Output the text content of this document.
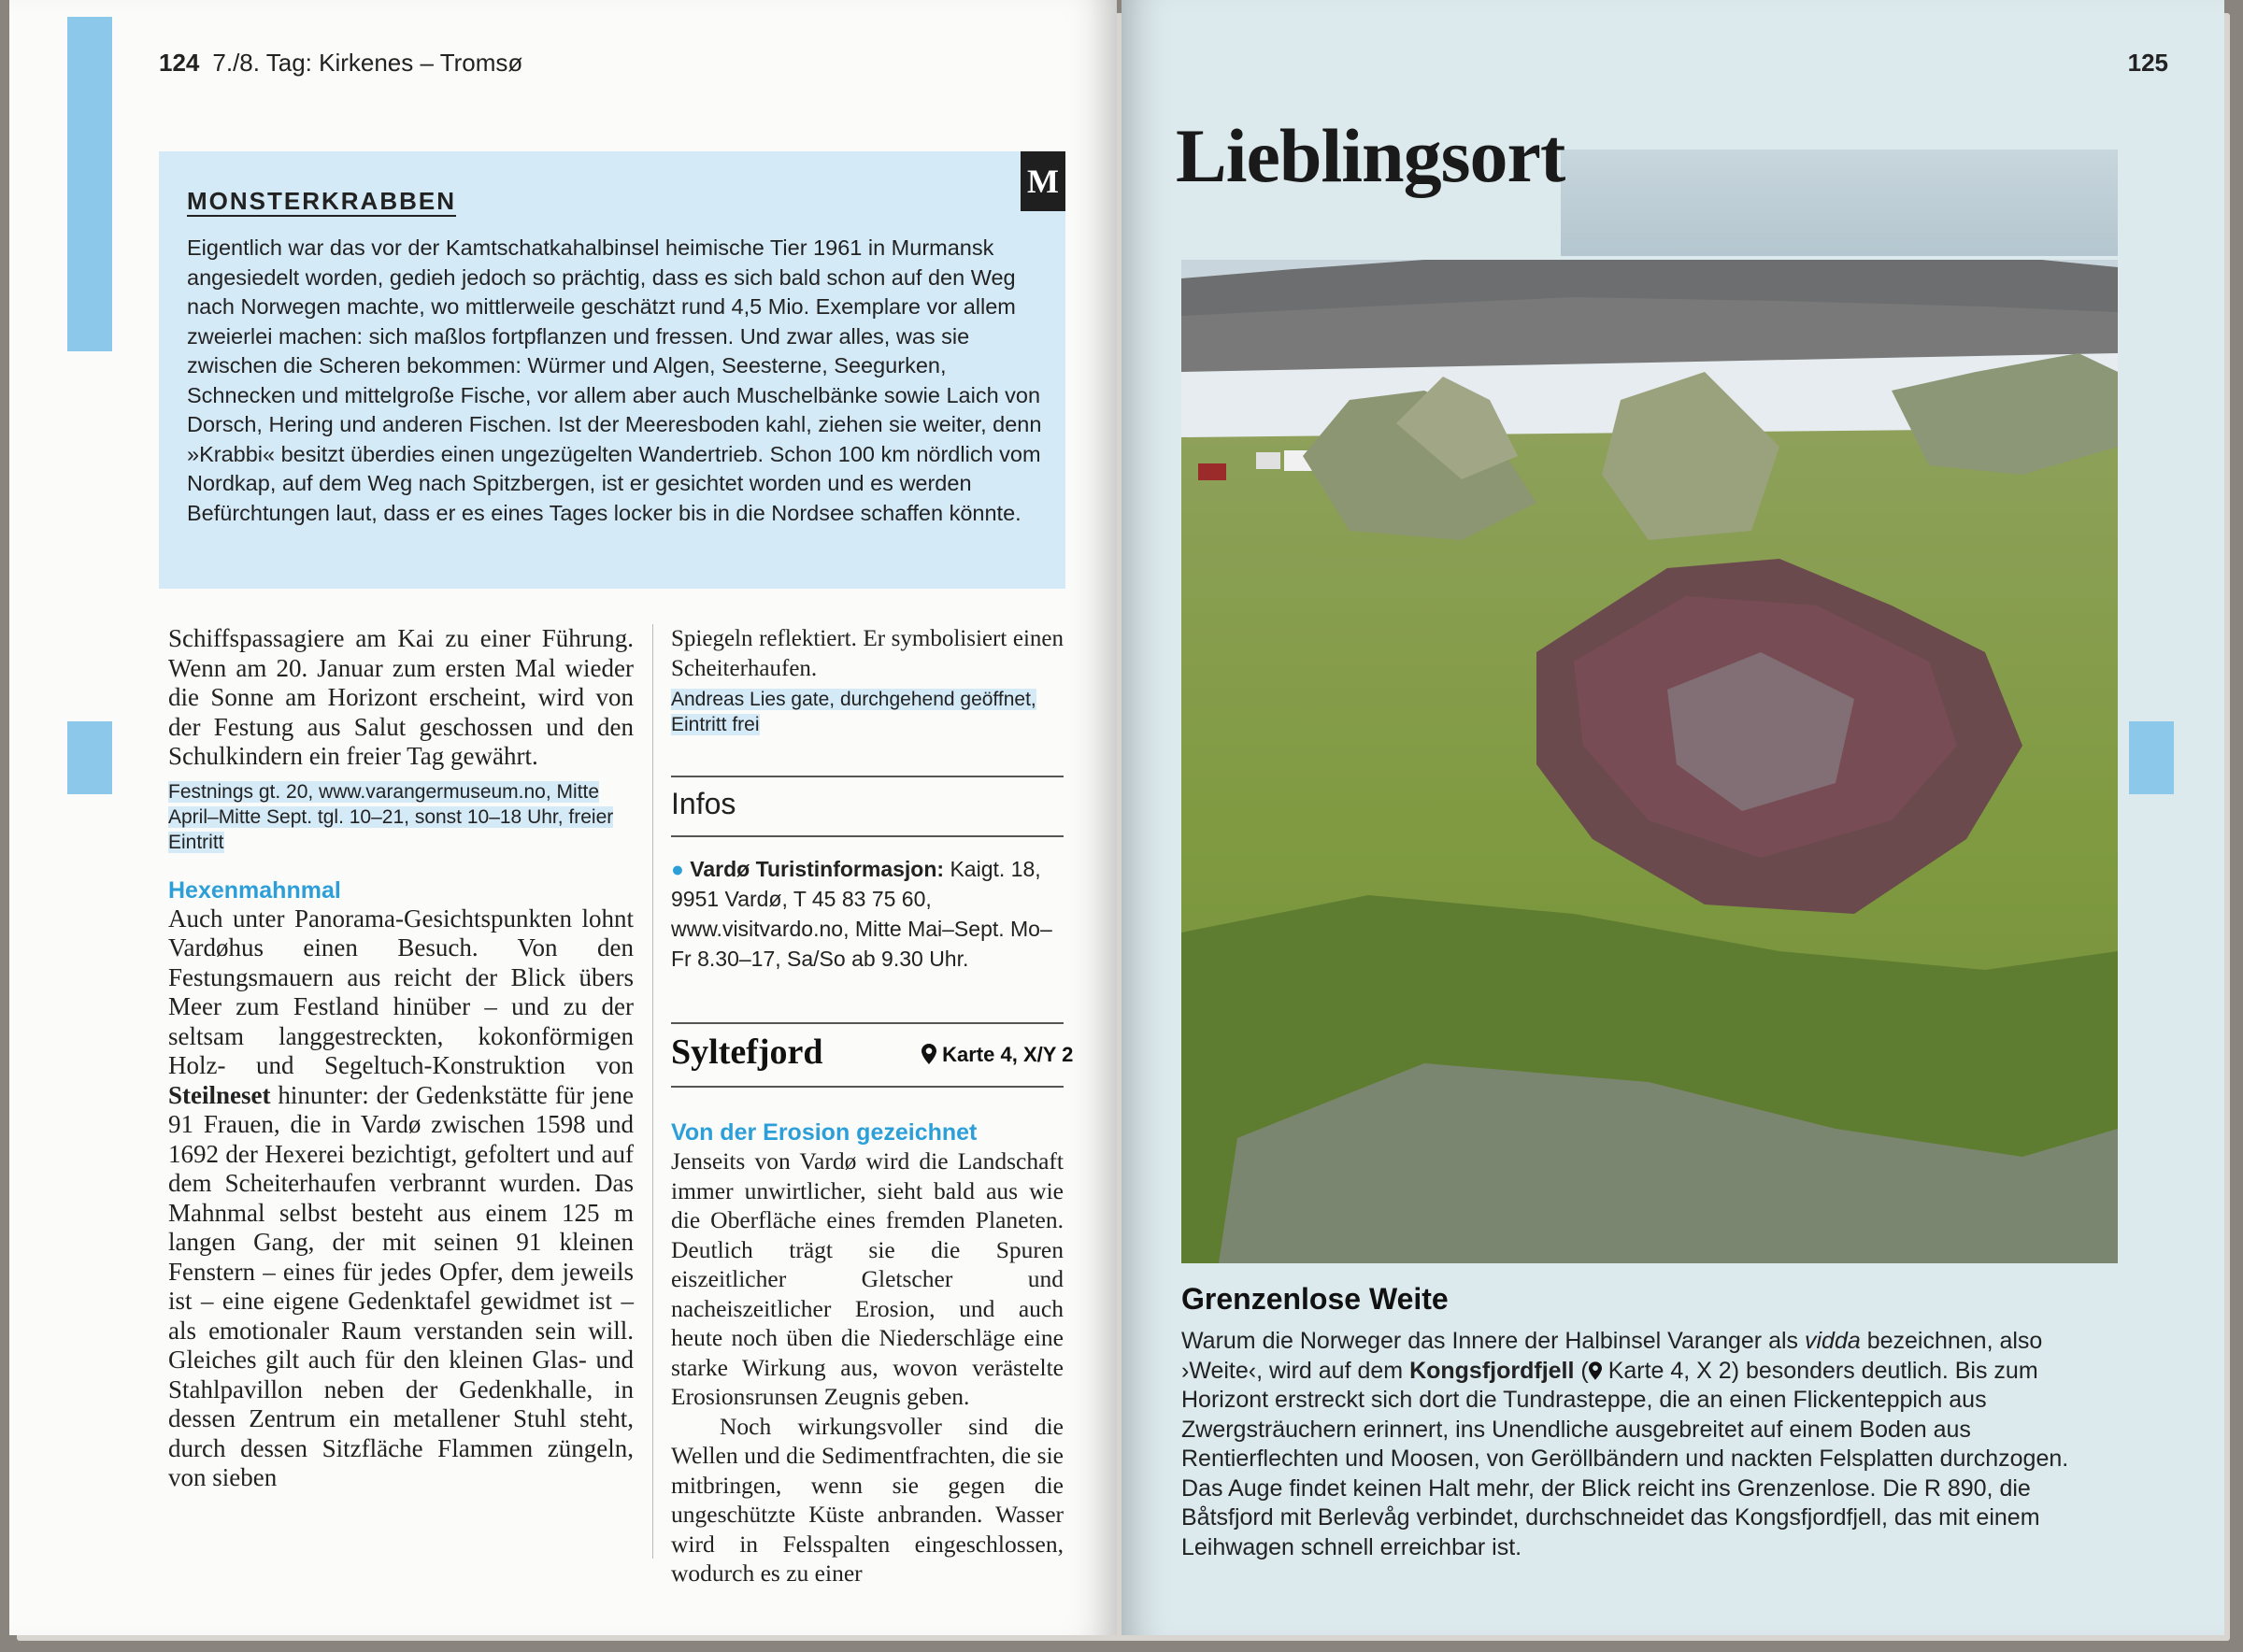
124 7./8. Tag: Kirkenes – Tromsø
MONSTERKRABBEN
M
Eigentlich war das vor der Kamtschatkahalbinsel heimische Tier 1961 in Murmansk angesiedelt worden, gedieh jedoch so prächtig, dass es sich bald schon auf den Weg nach Norwegen machte, wo mittlerweile geschätzt rund 4,5 Mio. Exemplare vor allem zweierlei machen: sich maßlos fortpflanzen und fressen. Und zwar alles, was sie zwischen die Scheren bekommen: Würmer und Algen, Seesterne, Seegurken, Schnecken und mittelgroße Fische, vor allem aber auch Muschelbänke sowie Laich von Dorsch, Hering und anderen Fischen. Ist der Meeresboden kahl, ziehen sie weiter, denn »Krabbi« besitzt überdies einen ungezügelten Wandertrieb. Schon 100 km nördlich vom Nordkap, auf dem Weg nach Spitzbergen, ist er gesichtet worden und es werden Befürchtungen laut, dass er es eines Tages locker bis in die Nordsee schaffen könnte.
Schiffspassagiere am Kai zu einer Führung. Wenn am 20. Januar zum ersten Mal wieder die Sonne am Horizont erscheint, wird von der Festung aus Salut geschossen und den Schulkindern ein freier Tag gewährt.
Festnings gt. 20, www.varangermuseum.no, Mitte April–Mitte Sept. tgl. 10–21, sonst 10–18 Uhr, freier Eintritt
Hexenmahnmal
Auch unter Panorama-Gesichtspunkten lohnt Vardøhus einen Besuch. Von den Festungsmauern aus reicht der Blick übers Meer zum Festland hinüber – und zu der seltsam langgestreckten, kokonförmigen Holz- und Segeltuch-Konstruktion von Steilneset hinunter: der Gedenkstätte für jene 91 Frauen, die in Vardø zwischen 1598 und 1692 der Hexerei bezichtigt, gefoltert und auf dem Scheiterhaufen verbrannt wurden. Das Mahnmal selbst besteht aus einem 125 m langen Gang, der mit seinen 91 kleinen Fenstern – eines für jedes Opfer, dem jeweils ist – eine eigene Gedenktafel gewidmet ist – als emotionaler Raum verstanden sein will. Gleiches gilt auch für den kleinen Glas- und Stahlpavillon neben der Gedenkhalle, in dessen Zentrum ein metallener Stuhl steht, durch dessen Sitzfläche Flammen züngeln, von sieben
Spiegeln reflektiert. Er symbolisiert einen Scheiterhaufen.
Andreas Lies gate, durchgehend geöffnet, Eintritt frei
Infos
● Vardø Turistinformasjon: Kaigt. 18, 9951 Vardø, T 45 83 75 60, www.visitvardo.no, Mitte Mai–Sept. Mo–Fr 8.30–17, Sa/So ab 9.30 Uhr.
Syltefjord	Karte 4, X/Y 2
Von der Erosion gezeichnet
Jenseits von Vardø wird die Landschaft immer unwirtlicher, sieht bald aus wie die Oberfläche eines fremden Planeten. Deutlich trägt sie die Spuren eiszeitlicher Gletscher und nacheiszeitlicher Erosion, und auch heute noch üben die Niederschläge eine starke Wirkung aus, wovon verästelte Erosionsrunsen Zeugnis geben.
Noch wirkungsvoller sind die Wellen und die Sedimentfrachten, die sie mitbringen, wenn sie gegen die ungeschützte Küste anbranden. Wasser wird in Felsspalten eingeschlossen, wodurch es zu einer
125
Lieblingsort
Grenzenlose Weite
Warum die Norweger das Innere der Halbinsel Varanger als vidda bezeichnen, also ›Weite‹, wird auf dem Kongsfjordfjell ( Karte 4, X 2) besonders deutlich. Bis zum Horizont erstreckt sich dort die Tundrasteppe, die an einen Flickenteppich aus Zwergsträuchern erinnert, ins Unendliche ausgebreitet auf einem Boden aus Rentierflechten und Moosen, von Geröllbändern und nackten Felsplatten durchzogen. Das Auge findet keinen Halt mehr, der Blick reicht ins Grenzenlose. Die R 890, die Båtsfjord mit Berlevåg verbindet, durchschneidet das Kongsfjordfjell, das mit einem Leihwagen schnell erreichbar ist.
